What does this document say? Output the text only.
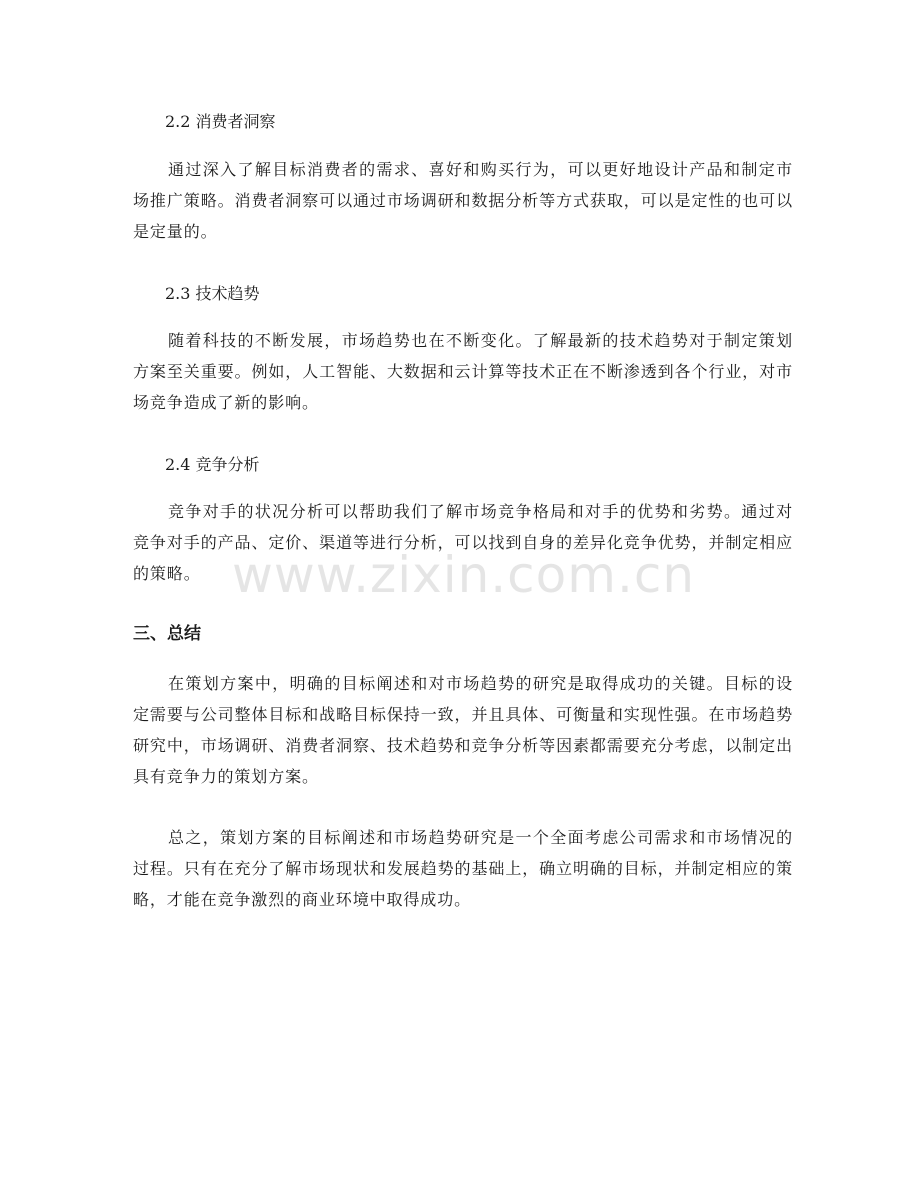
2.2 消费者洞察
通过深入了解目标消费者的需求、喜好和购买行为，可以更好地设计产品和制定市场推广策略。消费者洞察可以通过市场调研和数据分析等方式获取，可以是定性的也可以是定量的。
2.3 技术趋势
随着科技的不断发展，市场趋势也在不断变化。了解最新的技术趋势对于制定策划方案至关重要。例如，人工智能、大数据和云计算等技术正在不断渗透到各个行业，对市场竞争造成了新的影响。
2.4 竞争分析
竞争对手的状况分析可以帮助我们了解市场竞争格局和对手的优势和劣势。通过对竞争对手的产品、定价、渠道等进行分析，可以找到自身的差异化竞争优势，并制定相应的策略。
三、总结
在策划方案中，明确的目标阐述和对市场趋势的研究是取得成功的关键。目标的设定需要与公司整体目标和战略目标保持一致，并且具体、可衡量和实现性强。在市场趋势研究中，市场调研、消费者洞察、技术趋势和竞争分析等因素都需要充分考虑，以制定出具有竞争力的策划方案。
总之，策划方案的目标阐述和市场趋势研究是一个全面考虑公司需求和市场情况的过程。只有在充分了解市场现状和发展趋势的基础上，确立明确的目标，并制定相应的策略，才能在竞争激烈的商业环境中取得成功。
www.zixin.com.cn
